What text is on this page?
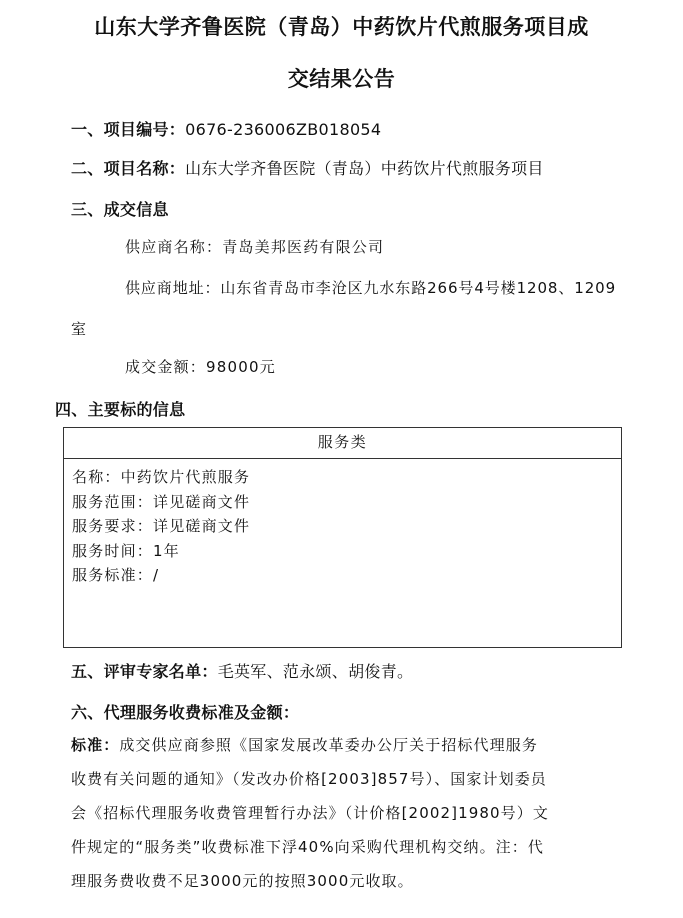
山东大学齐鲁医院（青岛）中药饮片代煎服务项目成
交结果公告
一、项目编号：0676-236006ZB018054
二、项目名称：山东大学齐鲁医院（青岛）中药饮片代煎服务项目
三、成交信息
供应商名称：青岛美邦医药有限公司
供应商地址：山东省青岛市李沧区九水东路266号4号楼1208、1209
室
成交金额：98000元
四、主要标的信息
服务类
名称：中药饮片代煎服务
服务范围：详见磋商文件
服务要求：详见磋商文件
服务时间：1年
服务标准：/
五、评审专家名单：毛英军、范永颂、胡俊青。
六、代理服务收费标准及金额：
标准：成交供应商参照《国家发展改革委办公厅关于招标代理服务
收费有关问题的通知》（发改办价格[2003]857号）、国家计划委员
会《招标代理服务收费管理暂行办法》（计价格[2002]1980号）文
件规定的“服务类”收费标准下浮40%向采购代理机构交纳。注：代
理服务费收费不足3000元的按照3000元收取。
